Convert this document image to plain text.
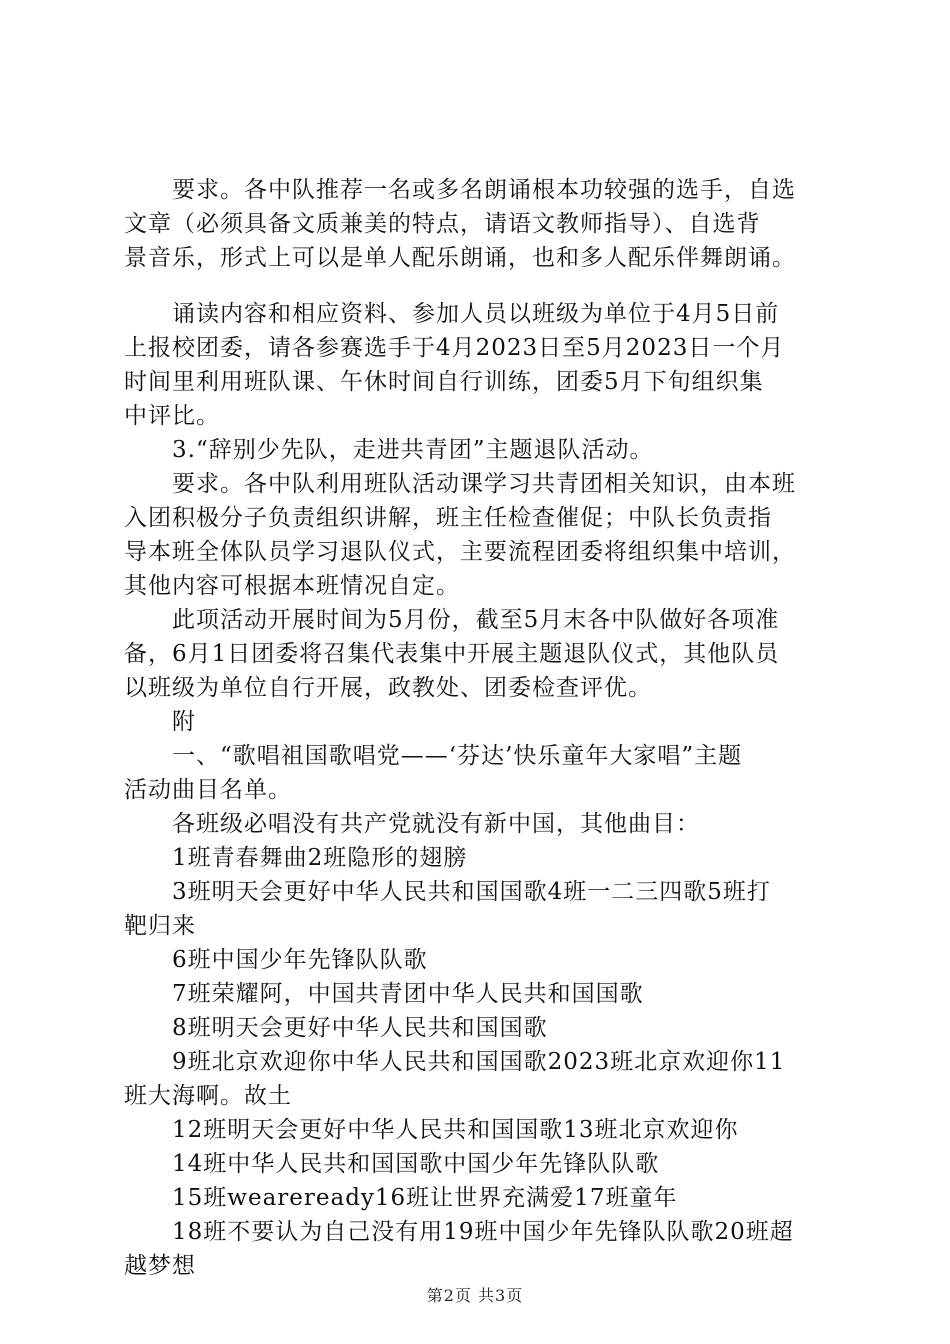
要求。各中队推荐一名或多名朗诵根本功较强的选手，自选
文章（必须具备文质兼美的特点，请语文教师指导）、自选背
景音乐，形式上可以是单人配乐朗诵，也和多人配乐伴舞朗诵。

诵读内容和相应资料、参加人员以班级为单位于4月5日前
上报校团委，请各参赛选手于4月2023日至5月2023日一个月
时间里利用班队课、午休时间自行训练，团委5月下旬组织集
中评比。

3.“辞别少先队，走进共青团”主题退队活动。

要求。各中队利用班队活动课学习共青团相关知识，由本班
入团积极分子负责组织讲解，班主任检查催促；中队长负责指
导本班全体队员学习退队仪式，主要流程团委将组织集中培训，
其他内容可根据本班情况自定。

此项活动开展时间为5月份，截至5月末各中队做好各项准
备，6月1日团委将召集代表集中开展主题退队仪式，其他队员
以班级为单位自行开展，政教处、团委检查评优。

附

一、“歌唱祖国歌唱党——‘芬达’快乐童年大家唱”主题
活动曲目名单。

各班级必唱没有共产党就没有新中国，其他曲目：

1班青春舞曲2班隐形的翅膀

3班明天会更好中华人民共和国国歌4班一二三四歌5班打
靶归来

6班中国少年先锋队队歌

7班荣耀阿，中国共青团中华人民共和国国歌

8班明天会更好中华人民共和国国歌

9班北京欢迎你中华人民共和国国歌2023班北京欢迎你11
班大海啊。故土

12班明天会更好中华人民共和国国歌13班北京欢迎你

14班中华人民共和国国歌中国少年先锋队队歌

15班weareready16班让世界充满爱17班童年

18班不要认为自己没有用19班中国少年先锋队队歌20班超
越梦想

第2页 共3页
